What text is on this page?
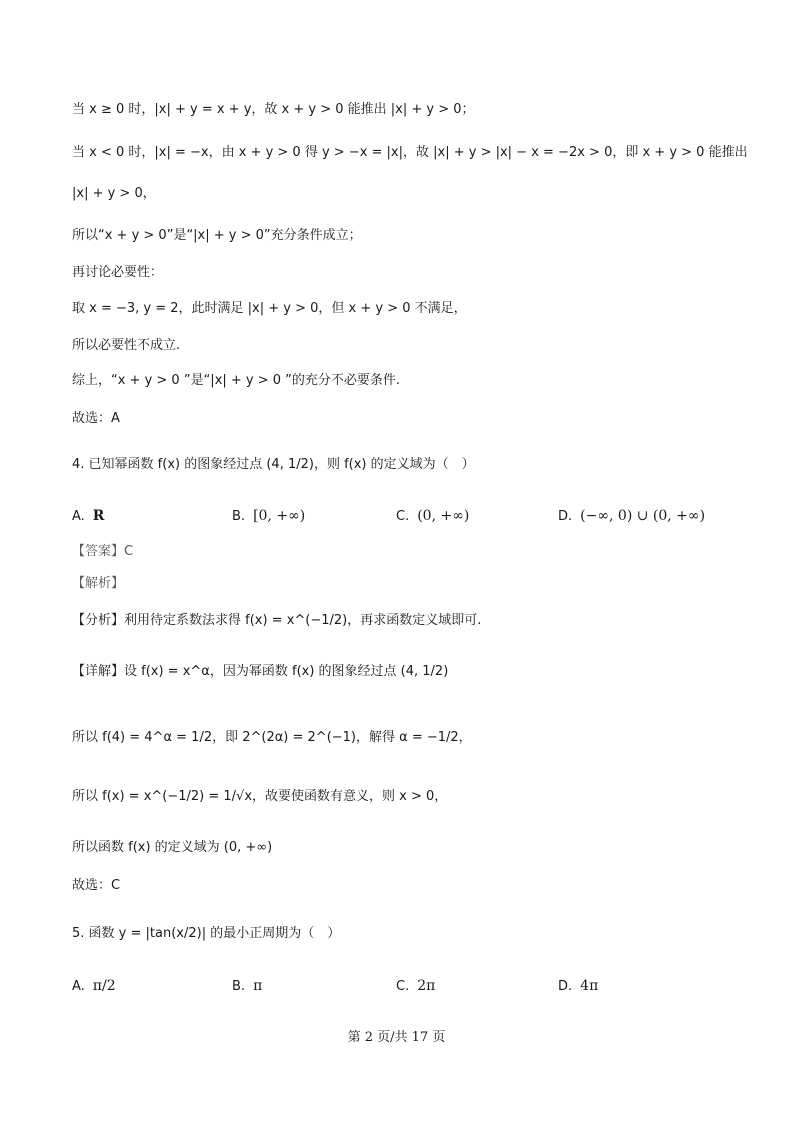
当 x ≥ 0 时，|x| + y = x + y，故 x + y > 0 能推出 |x| + y > 0；
当 x < 0 时，|x| = −x，由 x + y > 0 得 y > −x = |x|，故 |x| + y > |x| − x = −2x > 0，即 x + y > 0 能推出
|x| + y > 0，
所以“x + y > 0”是“|x| + y > 0”充分条件成立；
再讨论必要性：
取 x = −3, y = 2，此时满足 |x| + y > 0，但 x + y > 0 不满足，
所以必要性不成立.
综上，“x + y > 0 ”是“|x| + y > 0 ”的充分不必要条件.
故选：A
4. 已知幂函数 f(x) 的图象经过点 (4, 1/2)，则 f(x) 的定义域为（　）
A. R	B. [0, +∞)	C. (0, +∞)	D. (−∞, 0) ∪ (0, +∞)
【答案】C
【解析】
【分析】利用待定系数法求得 f(x) = x^(−1/2)，再求函数定义域即可.
【详解】设 f(x) = x^α，因为幂函数 f(x) 的图象经过点 (4, 1/2)
所以 f(4) = 4^α = 1/2，即 2^(2α) = 2^(−1)，解得 α = −1/2，
所以 f(x) = x^(−1/2) = 1/√x，故要使函数有意义，则 x > 0，
所以函数 f(x) 的定义域为 (0, +∞)
故选：C
5. 函数 y = |tan(x/2)| 的最小正周期为（　）
A. π/2	B. π	C. 2π	D. 4π
第 2 页/共 17 页
